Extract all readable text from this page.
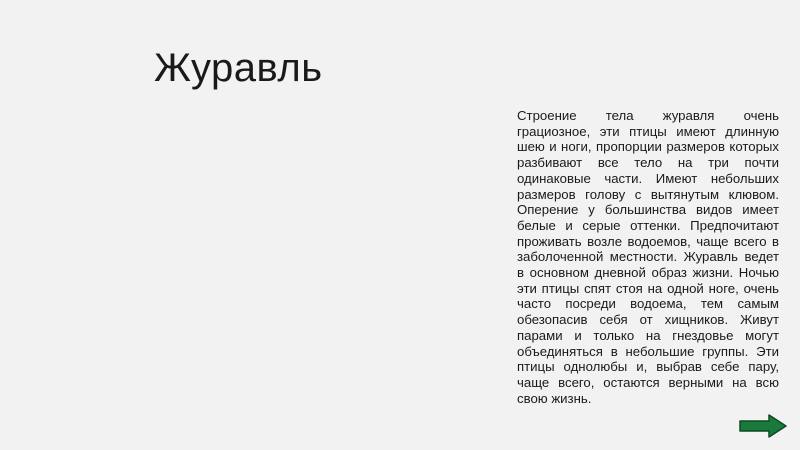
Журавль
Строение тела журавля очень грациозное, эти птицы имеют длинную шею и ноги, пропорции размеров которых разбивают все тело на три почти одинаковые части. Имеют небольших размеров голову с вытянутым клювом. Оперение у большинства видов имеет белые и серые оттенки. Предпочитают проживать возле водоемов, чаще всего в заболоченной местности. Журавль ведет в основном дневной образ жизни. Ночью эти птицы спят стоя на одной ноге, очень часто посреди водоема, тем самым обезопасив себя от хищников. Живут парами и только на гнездовье могут объединяться в небольшие группы. Эти птицы однолюбы и, выбрав себе пару, чаще всего, остаются верными на всю свою жизнь.
